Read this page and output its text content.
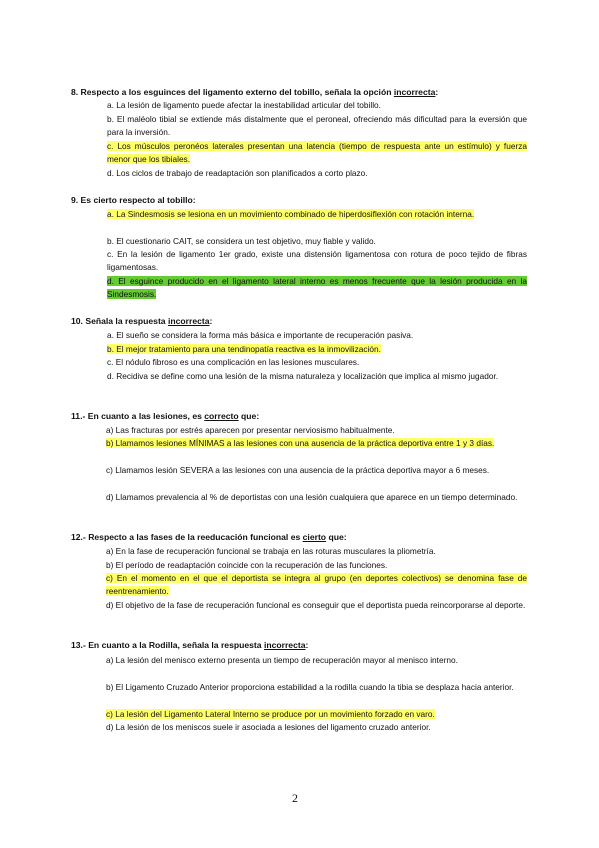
8. Respecto a los esguinces del ligamento externo del tobillo, señala la opción incorrecta:
a. La lesión de ligamento puede afectar la inestabilidad articular del tobillo.
b. El maléolo tibial se extiende más distalmente que el peroneal, ofreciendo más dificultad para la eversión que para la inversión.
c. Los músculos peronéos laterales presentan una latencia (tiempo de respuesta ante un estímulo) y fuerza menor que los tibiales.
d. Los ciclos de trabajo de readaptación son planificados a corto plazo.
9. Es cierto respecto al tobillo:
a. La Sindesmosis se lesiona en un movimiento combinado de hiperdosiflexión con rotación interna.
b. El cuestionario CAIT, se considera un test objetivo, muy fiable y valido.
c. En la lesión de ligamento 1er grado, existe una distensión ligamentosa con rotura de poco tejido de fibras ligamentosas.
d. El esguince producido en el ligamento lateral interno es menos frecuente que la lesión producida en la Sindesmosis.
10. Señala la respuesta incorrecta:
a. El sueño se considera la forma más básica e importante de recuperación pasiva.
b. El mejor tratamiento para una tendinopatía reactiva es la inmovilización.
c. El nódulo fibroso es una complicación en las lesiones musculares.
d. Recidiva se define como una lesión de la misma naturaleza y localización que implica al mismo jugador.
11.- En cuanto a las lesiones, es correcto que:
a) Las fracturas por estrés aparecen por presentar nerviosismo habitualmente.
b) Llamamos lesiones MÍNIMAS a las lesiones con una ausencia de la práctica deportiva entre 1 y 3 días.
c) Llamamos lesión SEVERA a las lesiones con una ausencia de la práctica deportiva mayor a 6 meses.
d) Llamamos prevalencia al % de deportistas con una lesión cualquiera que aparece en un tiempo determinado.
12.- Respecto a las fases de la reeducación funcional es cierto que:
a) En la fase de recuperación funcional se trabaja en las roturas musculares la pliometría.
b) El período de readaptación coincide con la recuperación de las funciones.
c) En el momento en el que el deportista se integra al grupo (en deportes colectivos) se denomina fase de reentrenamiento.
d) El objetivo de la fase de recuperación funcional es conseguir que el deportista pueda reincorporarse al deporte.
13.- En cuanto a la Rodilla, señala la respuesta incorrecta:
a) La lesión del menisco externo presenta un tiempo de recuperación mayor al menisco interno.
b) El Ligamento Cruzado Anterior proporciona estabilidad a la rodilla cuando la tibia se desplaza hacia anterior.
c) La lesión del Ligamento Lateral Interno se produce por un movimiento forzado en varo.
d) La lesión de los meniscos suele ir asociada a lesiones del ligamento cruzado anterior.
2
